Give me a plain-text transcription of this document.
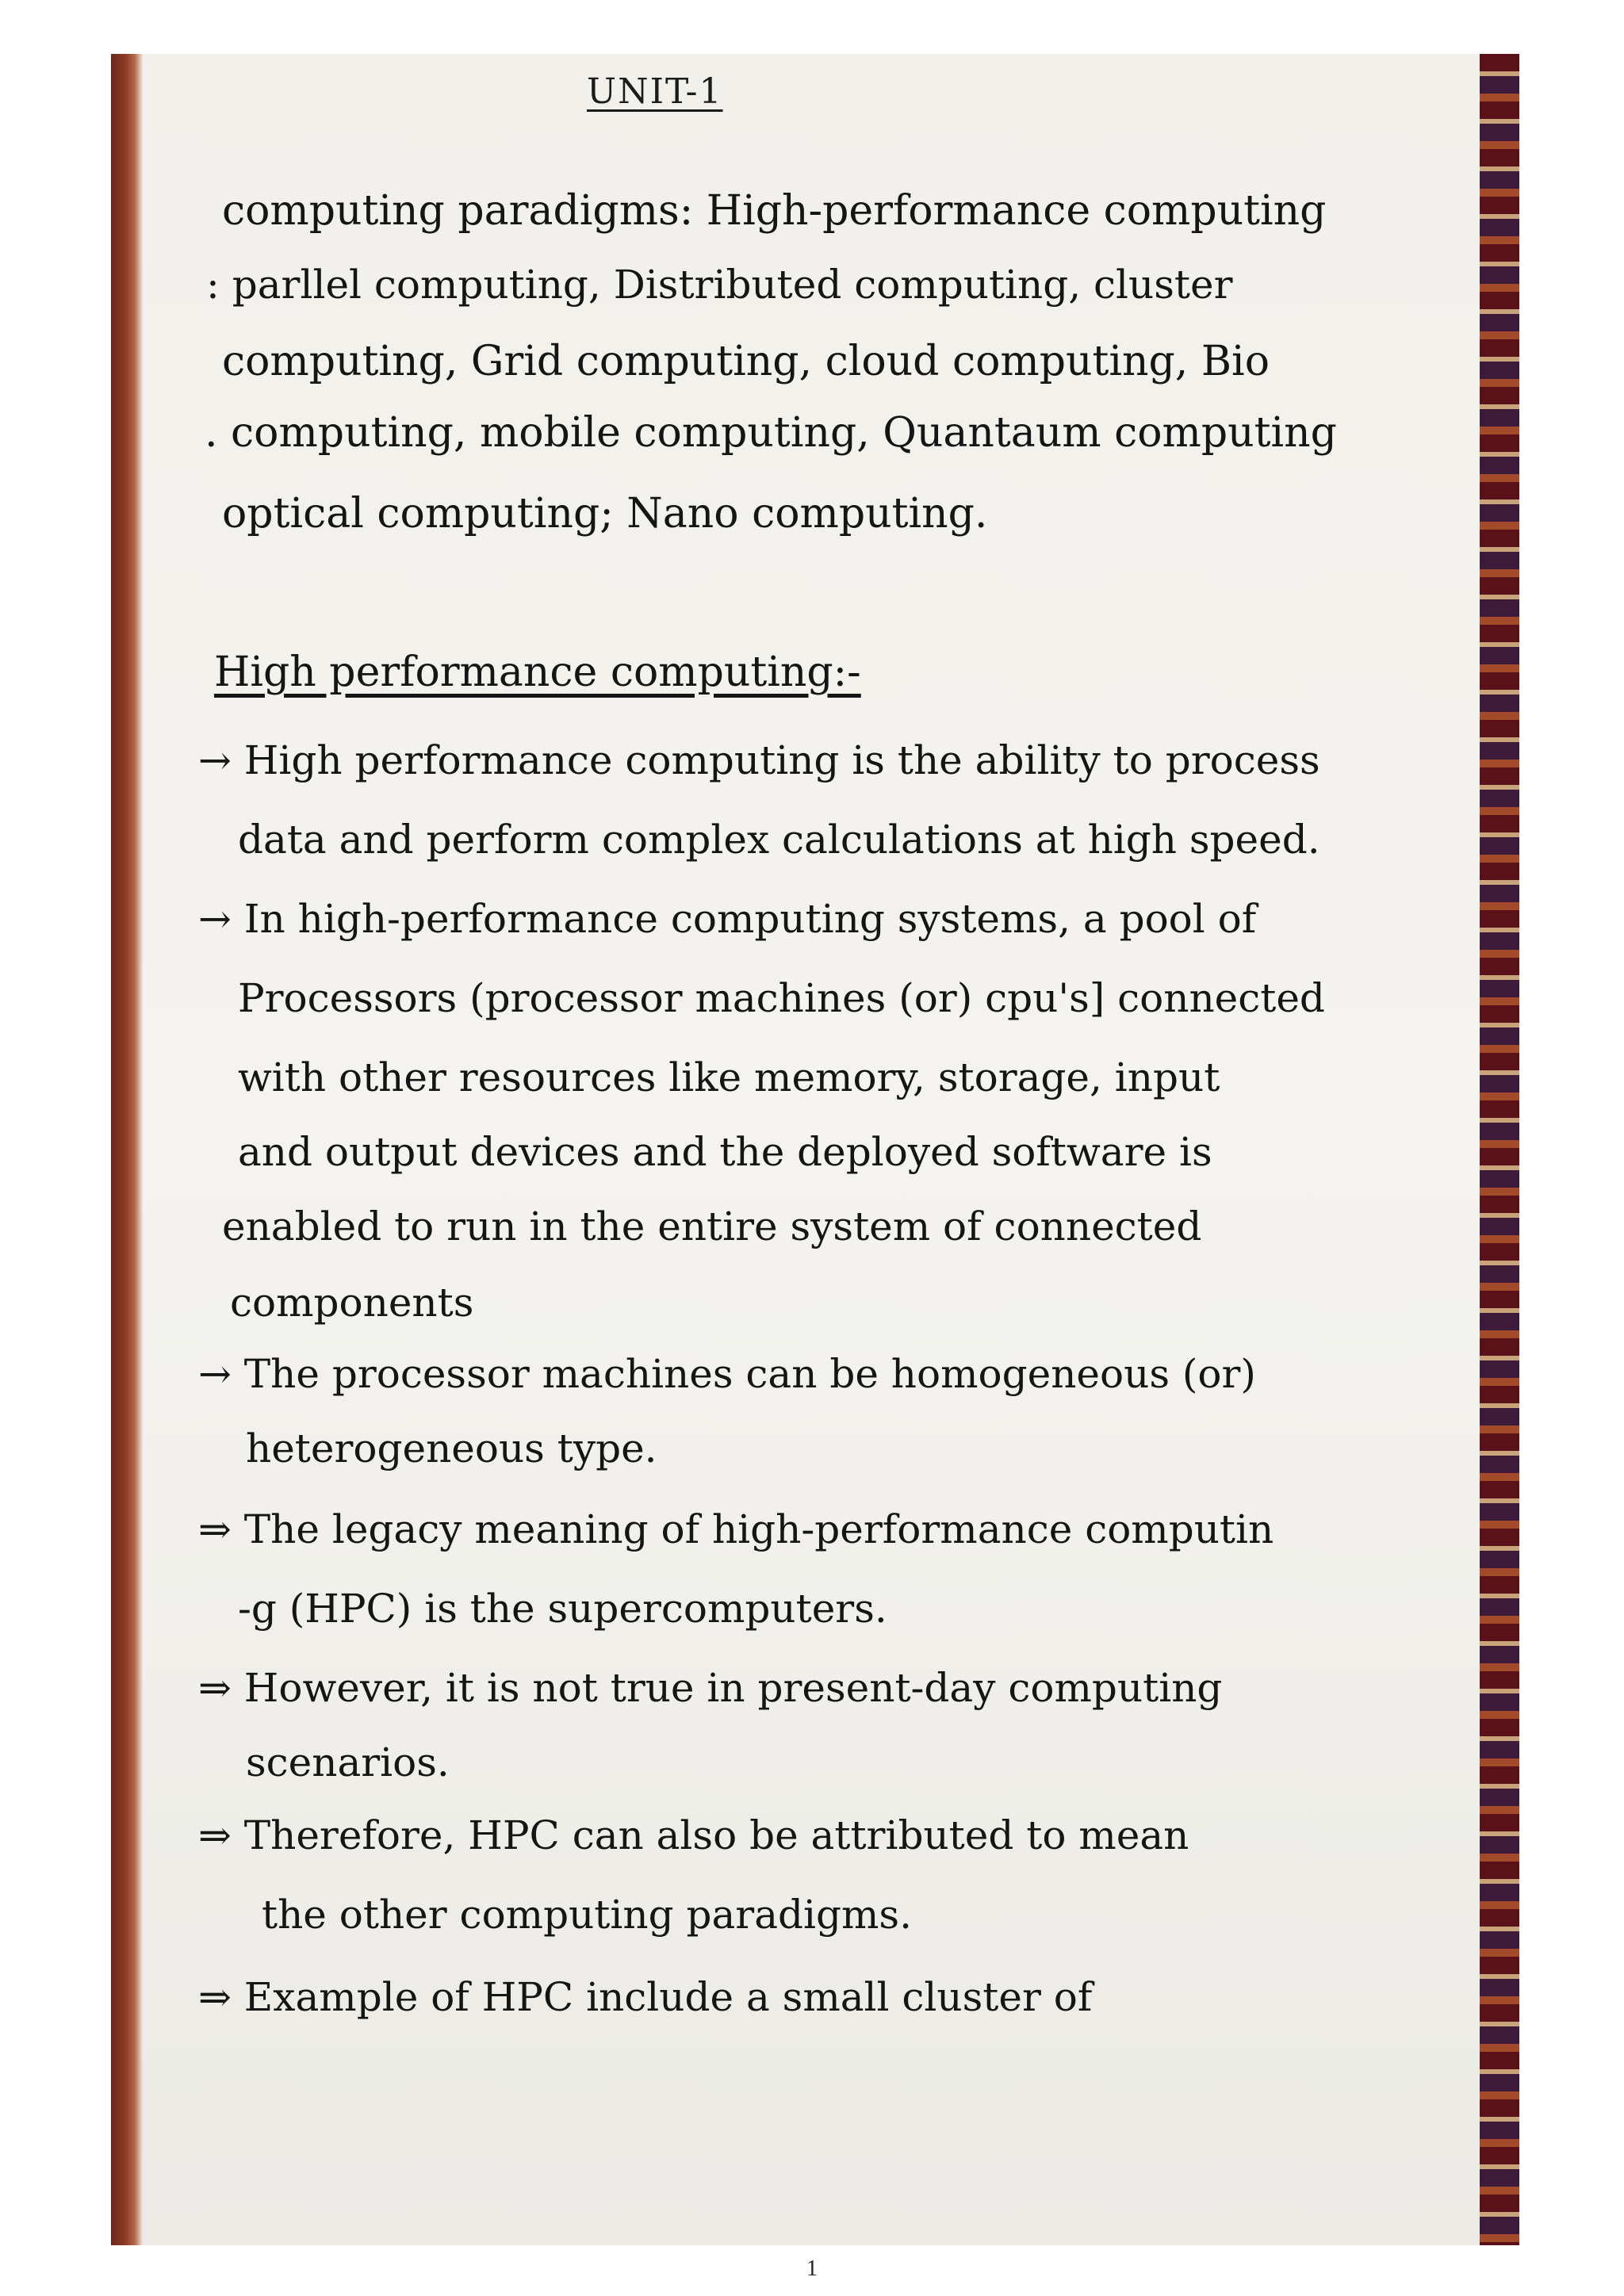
UNIT-1
computing paradigms: High-performance computing
: parllel computing, Distributed computing, cluster
computing, Grid computing, cloud computing, Bio
. computing, mobile computing, Quantaum computing
optical computing; Nano computing.
High performance computing:-
→ High performance computing is the ability to process
data and perform complex calculations at high speed.
→ In high-performance computing systems, a pool of
Processors (processor machines (or) cpu's] connected
with other resources like memory, storage, input
and output devices and the deployed software is
enabled to run in the entire system of connected
components
→ The processor machines can be homogeneous (or)
heterogeneous type.
⇒ The legacy meaning of high-performance computin
-g (HPC) is the supercomputers.
⇒ However, it is not true in present-day computing
scenarios.
⇒ Therefore, HPC can also be attributed to mean
the other computing paradigms.
⇒ Example of HPC include a small cluster of
1
